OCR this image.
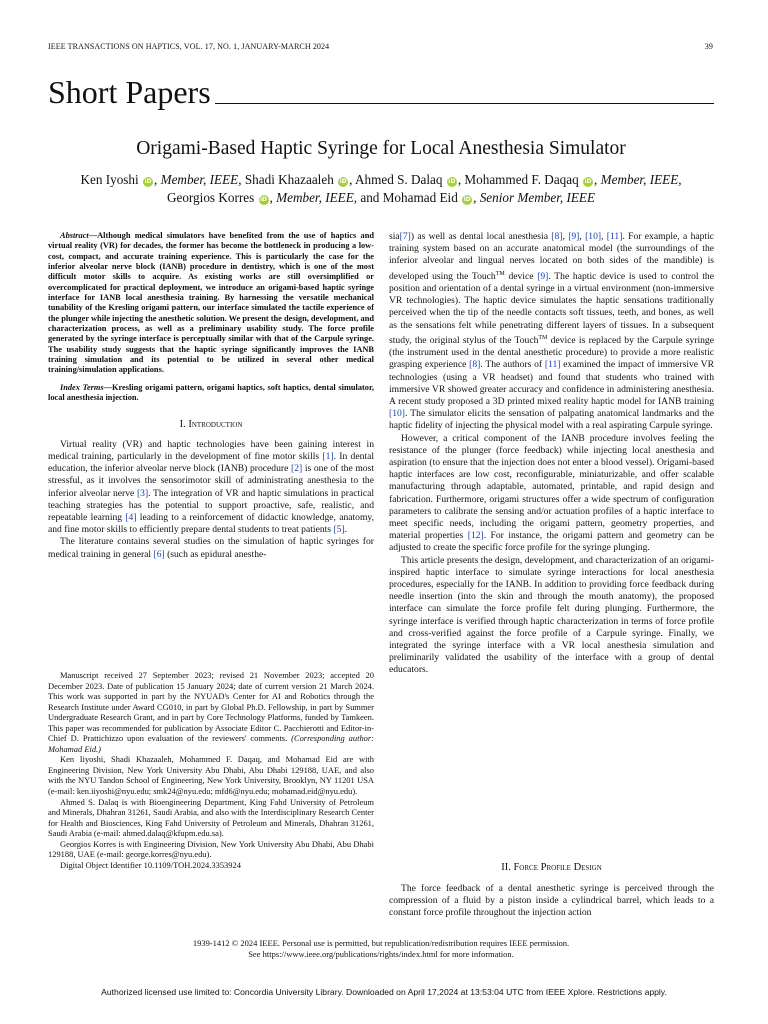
IEEE TRANSACTIONS ON HAPTICS, VOL. 17, NO. 1, JANUARY-MARCH 2024	39
Short Papers
Origami-Based Haptic Syringe for Local Anesthesia Simulator
Ken Iyoshi iD , Member, IEEE, Shadi Khazaaleh iD , Ahmed S. Dalaq iD , Mohammed F. Daqaq iD , Member, IEEE,
Georgios Korres iD , Member, IEEE, and Mohamad Eid iD , Senior Member, IEEE

Abstract—Although medical simulators have benefited from the use of haptics and virtual reality (VR) for decades, the former has become the bottleneck in producing a low-cost, compact, and accurate training experience. This is particularly the case for the inferior alveolar nerve block (IANB) procedure in dentistry, which is one of the most difficult motor skills to acquire. As existing works are still oversimplified or overcomplicated for practical deployment, we introduce an origami-based haptic syringe interface for IANB local anesthesia training. By harnessing the versatile mechanical tunability of the Kresling origami pattern, our interface simulated the tactile experience of the plunger while injecting the anesthetic solution. We present the design, development, and characterization process, as well as a preliminary usability study. The force profile generated by the syringe interface is perceptually similar with that of the Carpule syringe. The usability study suggests that the haptic syringe significantly improves the IANB training simulation and its potential to be utilized in several other medical training/simulation applications.

Index Terms—Kresling origami pattern, origami haptics, soft haptics, dental simulator, local anesthesia injection.

I. Introduction

Virtual reality (VR) and haptic technologies have been gaining interest in medical training, particularly in the development of fine motor skills [1]. In dental education, the inferior alveolar nerve block (IANB) procedure [2] is one of the most stressful, as it involves the sensorimotor skill of administrating anesthesia to the inferior alveolar nerve [3]. The integration of VR and haptic simulations in practical teaching strategies has the potential to support proactive, safe, realistic, and repeatable learning [4] leading to a reinforcement of didactic knowledge, anatomy, and fine motor skills to efficiently prepare dental students to treat patients [5].

The literature contains several studies on the simulation of haptic syringes for medical training in general [6] (such as epidural anesthe-

Manuscript received 27 September 2023; revised 21 November 2023; accepted 20 December 2023. Date of publication 15 January 2024; date of current version 21 March 2024. This work was supported in part by the NYUAD's Center for AI and Robotics through the Research Institute under Award CG010, in part by Global Ph.D. Fellowship, in part by Summer Undergraduate Research Grant, and in part by Core Technology Platforms, funded by Tamkeen. This paper was recommended for publication by Associate Editor C. Pacchierotti and Editor-in-Chief D. Prattichizzo upon evaluation of the reviewers' comments. (Corresponding author: Mohamad Eid.)

Ken Iiyoshi, Shadi Khazaaleh, Mohammed F. Daqaq, and Mohamad Eid are with Engineering Division, New York University Abu Dhabi, Abu Dhabi 129188, UAE, and also with the NYU Tandon School of Engineering, New York University, Brooklyn, NY 11201 USA (e-mail: ken.iiyoshi@nyu.edu; smk24@nyu.edu; mfd6@nyu.edu; mohamad.eid@nyu.edu).

Ahmed S. Dalaq is with Bioengineering Department, King Fahd University of Petroleum and Minerals, Dhahran 31261, Saudi Arabia, and also with the Interdisciplinary Research Center for Health and Biosciences, King Fahd University of Petroleum and Minerals, Dhahran 31261, Saudi Arabia (e-mail: ahmed.dalaq@kfupm.edu.sa).

Georgios Korres is with Engineering Division, New York University Abu Dhabi, Abu Dhabi 129188, UAE (e-mail: george.korres@nyu.edu).

Digital Object Identifier 10.1109/TOH.2024.3353924

sia[7]) as well as dental local anesthesia [8], [9], [10], [11]. For example, a haptic training system based on an accurate anatomical model (the surroundings of the inferior alveolar and lingual nerves located on both sides of the mandible) is developed using the Touch™ device [9]. The haptic device is used to control the position and orientation of a dental syringe in a virtual environment (non-immersive VR technologies). The haptic device simulates the haptic sensations traditionally perceived when the tip of the needle contacts soft tissues, teeth, and bones, as well as the sensations felt while penetrating different layers of tissues. In a subsequent study, the original stylus of the Touch™ device is replaced by the Carpule syringe (the instrument used in the dental anesthetic procedure) to provide a more realistic grasping experience [8]. The authors of [11] examined the impact of immersive VR technologies (using a VR headset) and found that students who trained with immersive VR showed greater accuracy and confidence in administering anesthesia. A recent study proposed a 3D printed mixed reality haptic model for IANB training [10]. The simulator elicits the sensation of palpating anatomical landmarks and the haptic fidelity of injecting the physical model with a real aspirating Carpule syringe.

However, a critical component of the IANB procedure involves feeling the resistance of the plunger (force feedback) while injecting local anesthesia and aspiration (to ensure that the injection does not enter a blood vessel). Origami-based haptic interfaces are low cost, reconfigurable, miniaturizable, and offer scalable manufacturing through adaptable, automated, printable, and rapid design and fabrication. Furthermore, origami structures offer a wide spectrum of configuration parameters to calibrate the sensing and/or actuation profiles of a haptic interface to meet specific needs, including the origami pattern, geometry properties, and material properties [12]. For instance, the origami pattern and geometry can be adjusted to create the specific force profile for the syringe plunging.

This article presents the design, development, and characterization of an origami-inspired haptic interface to simulate syringe interactions for local anesthesia procedures, especially for the IANB. In addition to providing force feedback during needle insertion (into the skin and through the mouth anatomy), the proposed interface can simulate the force profile felt during plunging. Furthermore, the syringe interface is verified through haptic characterization in terms of force profile and cross-verified against the force profile of a Carpule syringe. Finally, we integrated the syringe interface with a VR local anesthesia simulation and preliminarily validated the usability of the interface with a group of dental educators.

II. Force Profile Design

The force feedback of a dental anesthetic syringe is perceived through the compression of a fluid by a piston inside a cylindrical barrel, which leads to a constant force profile throughout the injection action

1939-1412 © 2024 IEEE. Personal use is permitted, but republication/redistribution requires IEEE permission.
See https://www.ieee.org/publications/rights/index.html for more information.
Authorized licensed use limited to: Concordia University Library. Downloaded on April 17,2024 at 13:53:04 UTC from IEEE Xplore. Restrictions apply.
